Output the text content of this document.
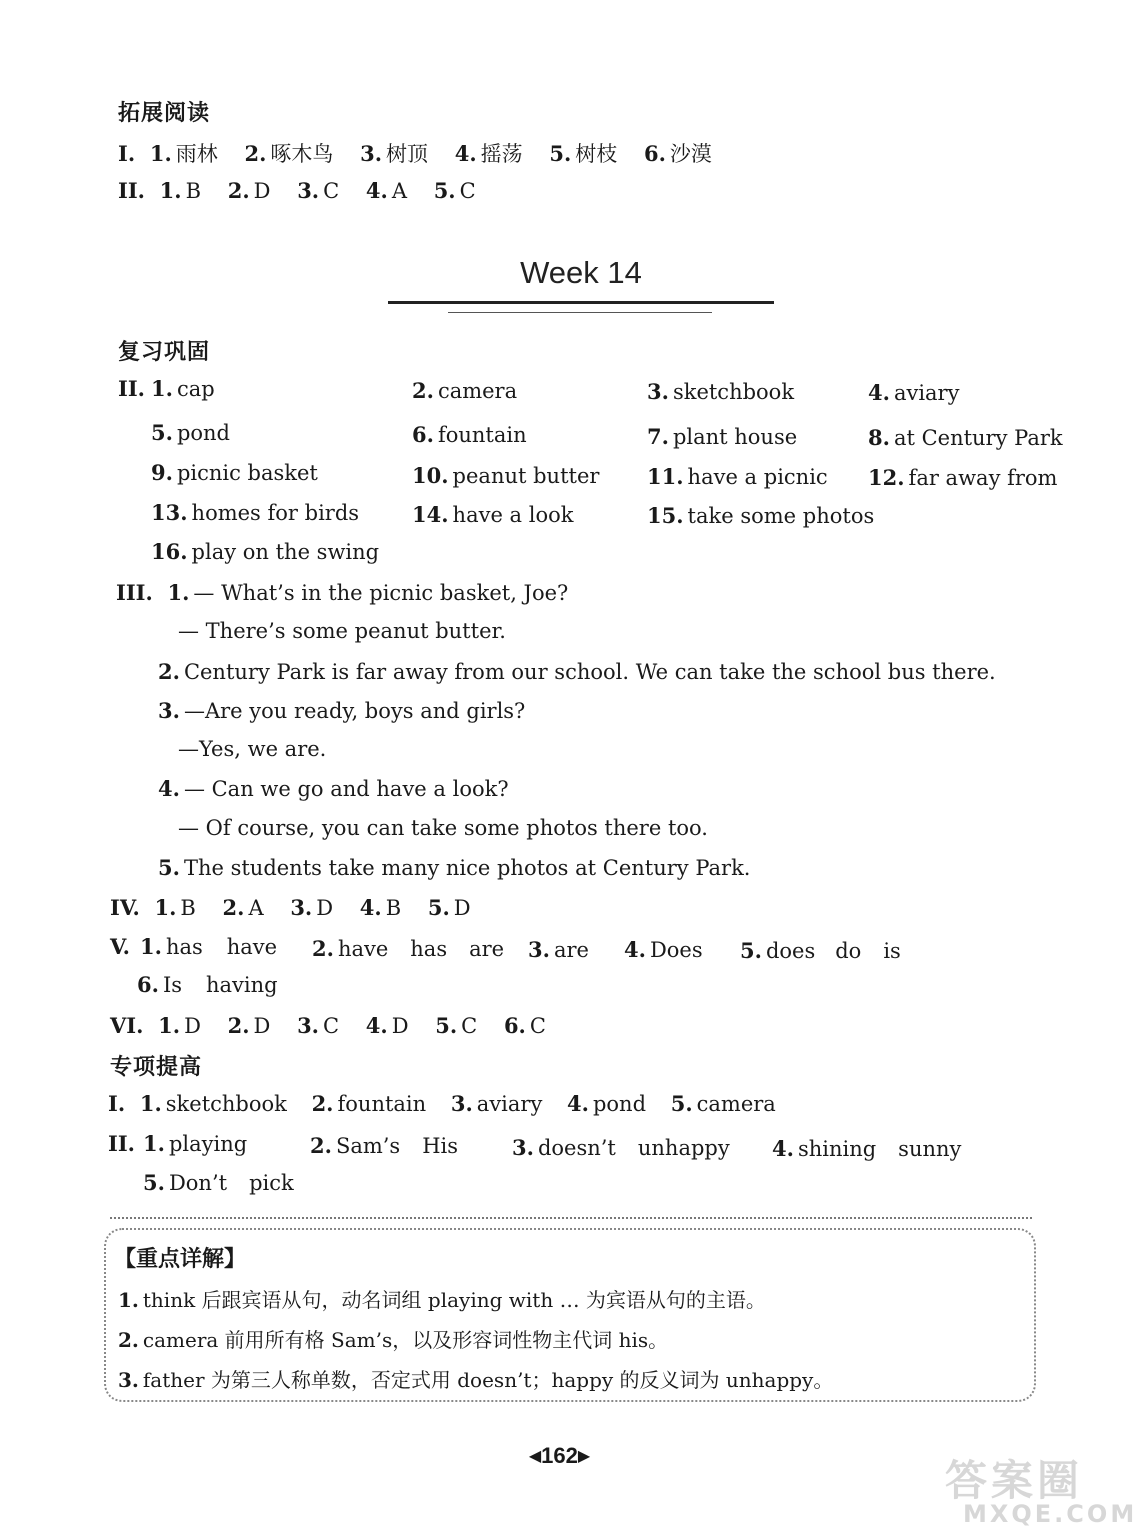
拓展阅读
I. 1. 雨林 2. 啄木鸟 3. 树顶 4. 摇荡 5. 树枝 6. 沙漠
II. 1. B 2. D 3. C 4. A 5. C
Week 14
复习巩固
II. 1. cap	2. camera	3. sketchbook	4. aviary
5. pond	6. fountain	7. plant house	8. at Century Park
9. picnic basket	10. peanut butter 11. have a picnic 12. far away from
13. homes for birds	14. have a look	15. take some photos
16. play on the swing
III. 1. — What’s in the picnic basket, Joe?
— There’s some peanut butter.
2. Century Park is far away from our school. We can take the school bus there.
3. —Are you ready, boys and girls?
—Yes, we are.
4. — Can we go and have a look?
— Of course, you can take some photos there too.
5. The students take many nice photos at Century Park.
IV. 1. B 2. A 3. D 4. B 5. D
V. 1. has have 2. have has are 3. are 4. Does 5. does do is
6. Is having
VI. 1. D 2. D 3. C 4. D 5. C 6. C
专项提高
I. 1. sketchbook 2. fountain 3. aviary 4. pond 5. camera
II. 1. playing	2. Sam’s His	3. doesn’t unhappy 4. shining sunny
5. Don’t pick
【重点详解】
1. think 后跟宾语从句，动名词组 playing with … 为宾语从句的主语。
2. camera 前用所有格 Sam’s，以及形容词性物主代词 his。
3. father 为第三人称单数，否定式用 doesn’t；happy 的反义词为 unhappy。
◀162▶	答案圈
MXQE.COM
